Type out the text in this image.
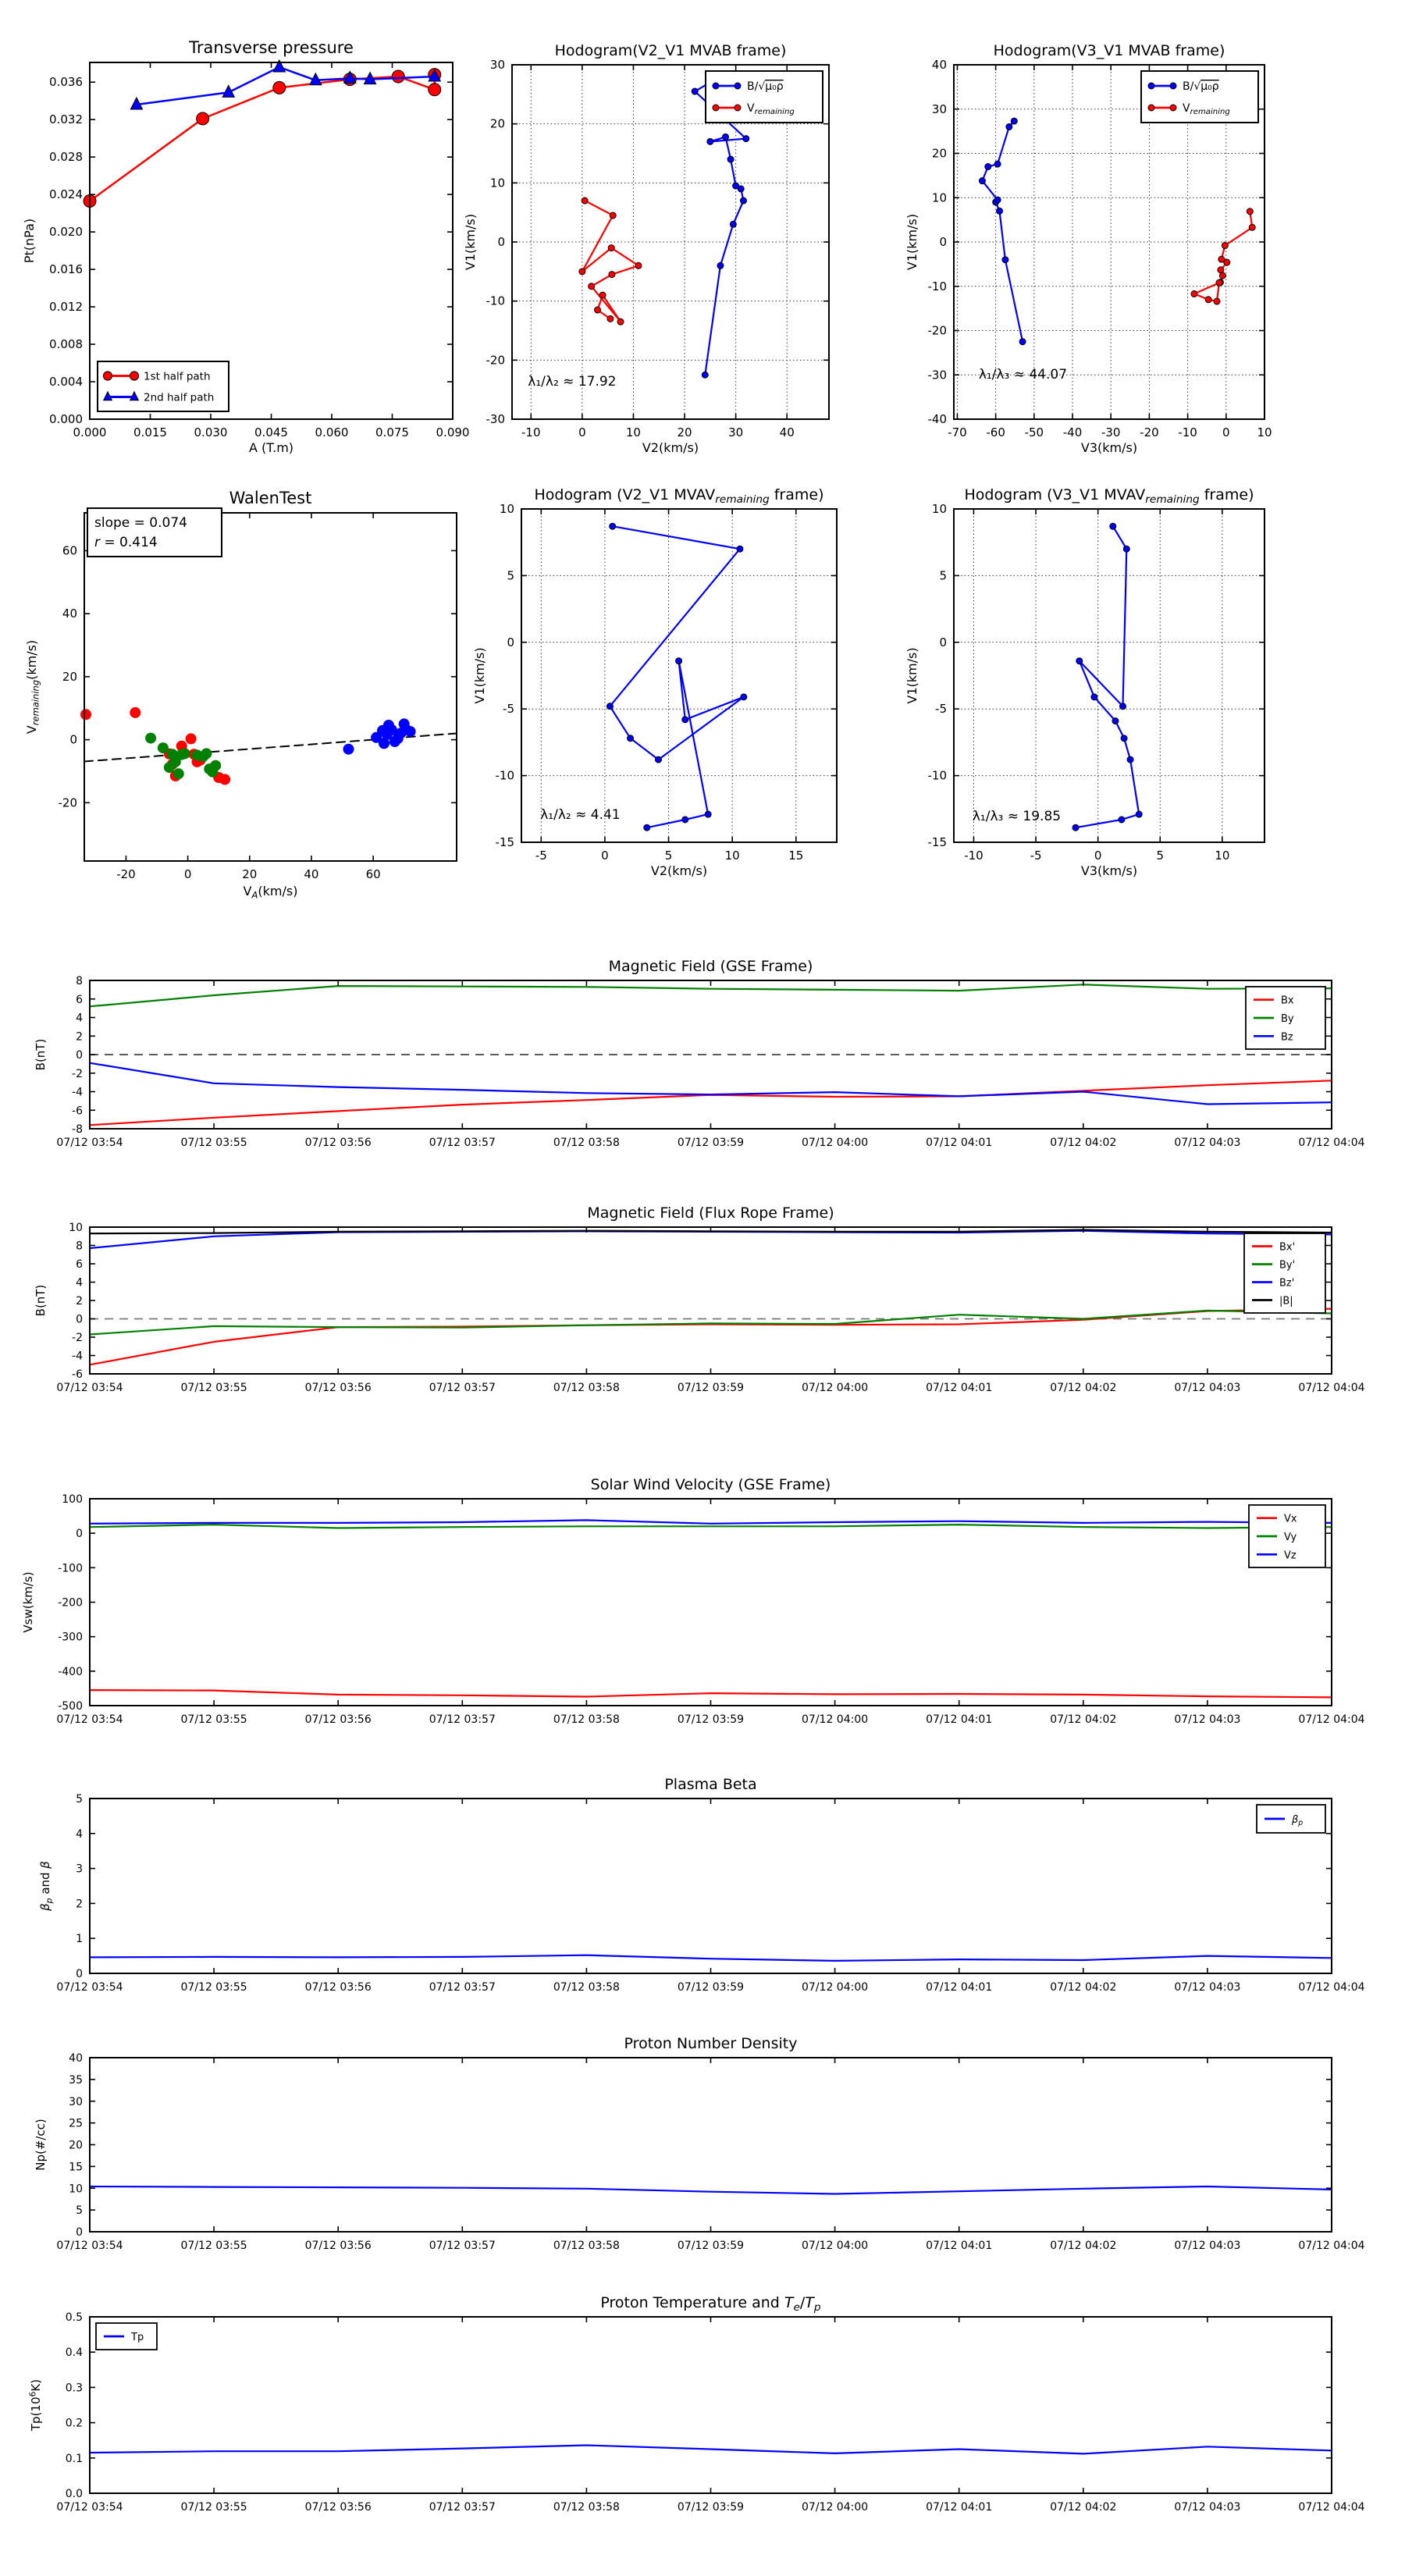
0.000 0.015 0.030 0.045 0.060 0.075 0.090
0.000
0.004
0.008
0.012
0.016
0.020
0.024
0.028
0.032
0.036
Transverse pressure
A (T.m)
Pt(nPa)
1st half path
2nd half path
-10	0	10	20	30	40
-30
-20
-10
0
10
20
30
Hodogram(V2_V1 MVAB frame)
V2(km/s)
V1(km/s)
λ₁/λ₂ ≈ 17.92
B/√μ₀ρ
$V_{remaining}$
-70 -60 -50 -40 -30 -20 -10 0 10
-40
-30
-20
-10
0
10
20
30
40
Hodogram(V3_V1 MVAB frame)
V3(km/s)
V1(km/s)
λ₁/λ₃ ≈ 44.07
B/√μ₀ρ
$V_{remaining}$
-20	0	20	40	60
-20
0
20
40
60
WalenTest
$V_A(km/s)$
$V_{remaining}(km/s)$
slope = 0.074
r = 0.414
-5	0	5	10	15
-15
-10
-5
0
5
10
Hodogram (V2_V1 $MVAV_{remaining}$ frame)
V2(km/s)
V1(km/s)
λ₁/λ₂ ≈ 4.41
-10	-5	0	5	10
-15
-10
-5
0
5
10
Hodogram (V3_V1 $MVAV_{remaining}$ frame)
V3(km/s)
V1(km/s)
λ₁/λ₃ ≈ 19.85
07/12 03:54	07/12 03:55	07/12 03:56	07/12 03:57	07/12 03:58	07/12 03:59	07/12 04:00	07/12 04:01	07/12 04:02	07/12 04:03	07/12 04:04
-8
-6
-4
-2
0
2
4
6
8
Magnetic Field (GSE Frame)
B(nT)
Bx
By
Bz
07/12 03:54	07/12 03:55	07/12 03:56	07/12 03:57	07/12 03:58	07/12 03:59	07/12 04:00	07/12 04:01	07/12 04:02	07/12 04:03	07/12 04:04
-6
-4
-2
0
2
4
6
8
10
Magnetic Field (Flux Rope Frame)
B(nT)
Bx'
By'
Bz'
|B|
07/12 03:54	07/12 03:55	07/12 03:56	07/12 03:57	07/12 03:58	07/12 03:59	07/12 04:00	07/12 04:01	07/12 04:02	07/12 04:03	07/12 04:04
-500
-400
-300
-200
-100
0
100
Solar Wind Velocity (GSE Frame)
Vsw(km/s)
Vx
Vy
Vz
07/12 03:54	07/12 03:55	07/12 03:56	07/12 03:57	07/12 03:58	07/12 03:59	07/12 04:00	07/12 04:01	07/12 04:02	07/12 04:03	07/12 04:04
0
1
2
3
4
5
Plasma Beta
$\beta_p$ and β
$\beta_p$
07/12 03:54	07/12 03:55	07/12 03:56	07/12 03:57	07/12 03:58	07/12 03:59	07/12 04:00	07/12 04:01	07/12 04:02	07/12 04:03	07/12 04:04
0
5
10
15
20
25
30
35
40
Proton Number Density
Np(#/cc)
07/12 03:54	07/12 03:55	07/12 03:56	07/12 03:57	07/12 03:58	07/12 03:59	07/12 04:00	07/12 04:01	07/12 04:02	07/12 04:03	07/12 04:04
0.0
0.1
0.2
0.3
0.4
0.5
Proton Temperature and $T_e/T_p$
$Tp(10^6K)$
Tp
